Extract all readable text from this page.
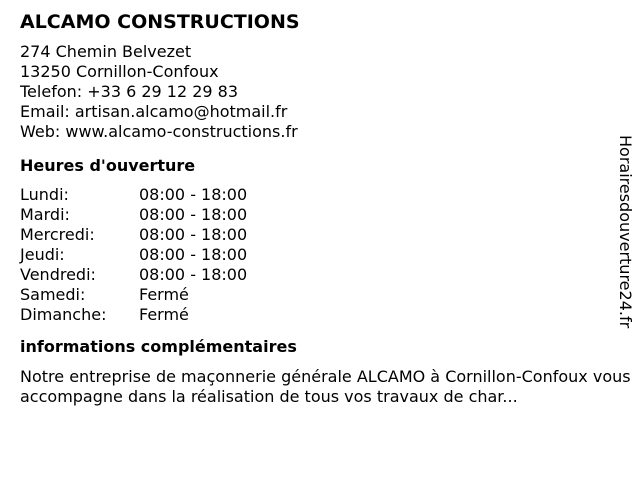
ALCAMO CONSTRUCTIONS
274 Chemin Belvezet
13250 Cornillon-Confoux
Telefon: +33 6 29 12 29 83
Email: artisan.alcamo@hotmail.fr
Web: www.alcamo-constructions.fr
Heures d'ouverture
Lundi:	08:00 - 18:00
Mardi:	08:00 - 18:00
Mercredi:	08:00 - 18:00
Jeudi:	08:00 - 18:00
Vendredi:	08:00 - 18:00
Samedi:	Fermé
Dimanche:	Fermé
informations complémentaires
Notre entreprise de maçonnerie générale ALCAMO à Cornillon-Confoux vous accompagne dans la réalisation de tous vos travaux de char...
Horairesdouverture24.fr
